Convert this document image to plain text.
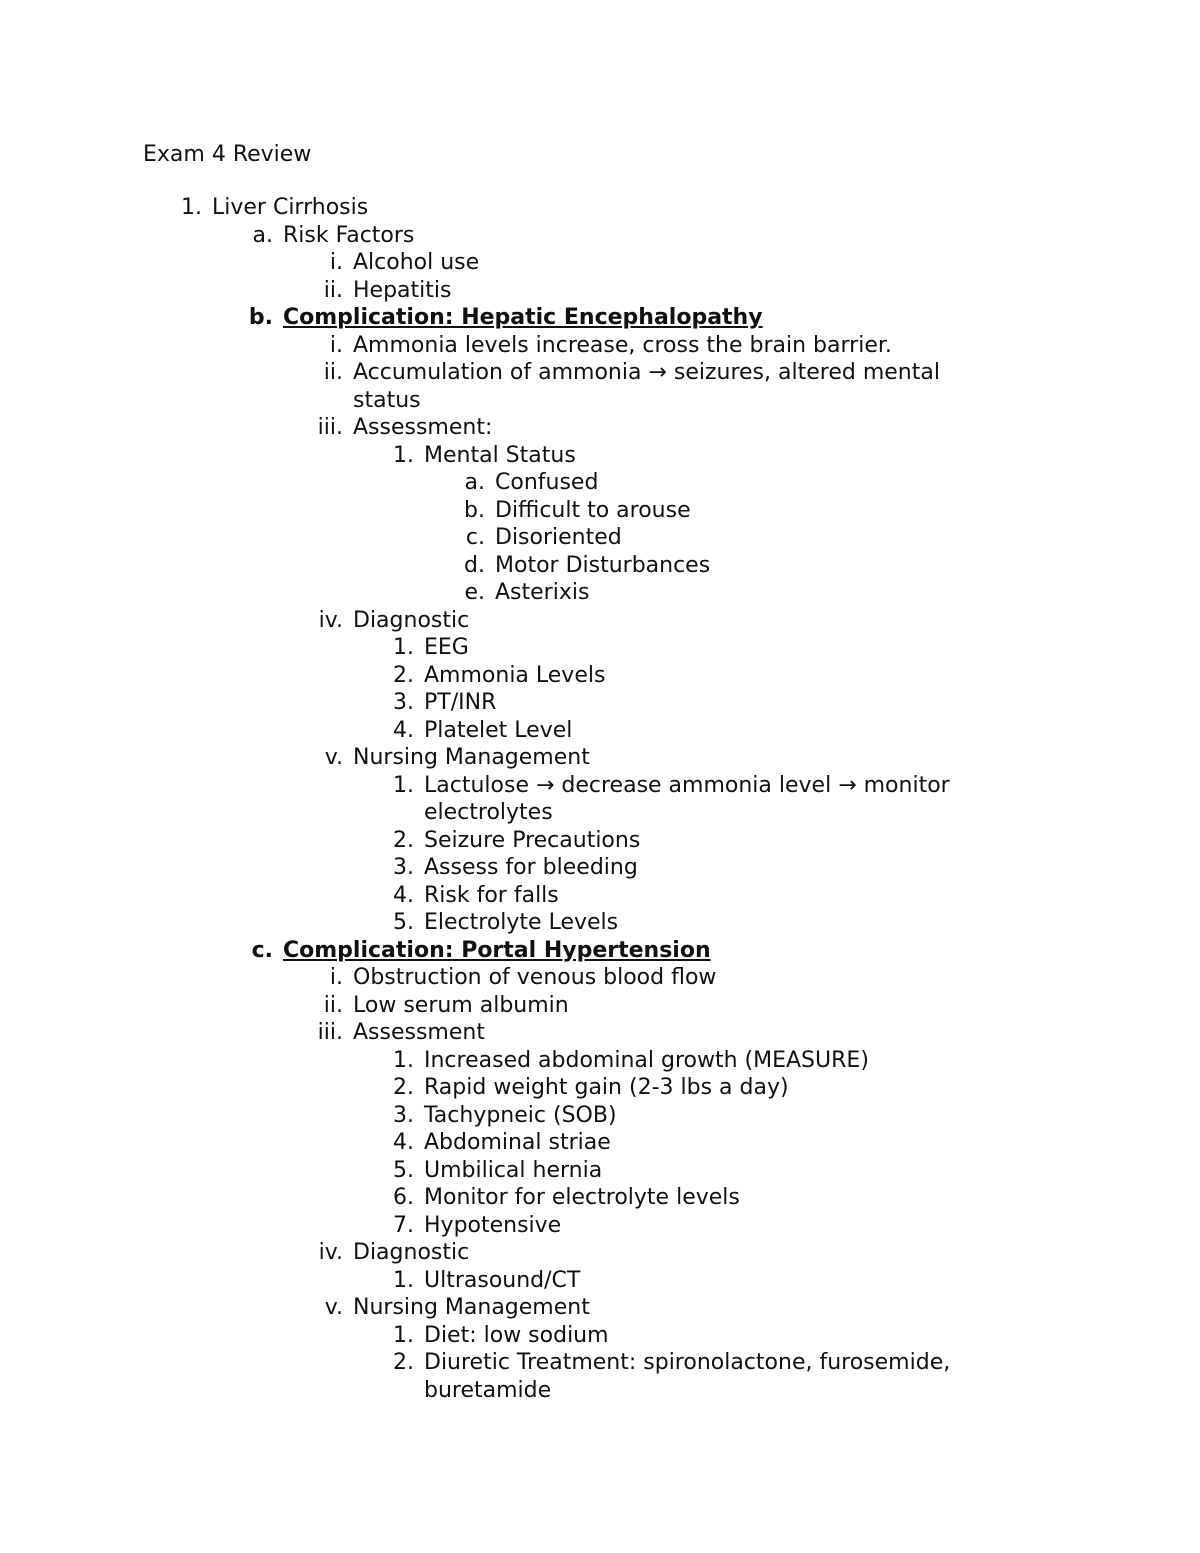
Exam 4 Review
1. Liver Cirrhosis
a. Risk Factors
i. Alcohol use
ii. Hepatitis
b. Complication: Hepatic Encephalopathy
i. Ammonia levels increase, cross the brain barrier.
ii. Accumulation of ammonia → seizures, altered mental status
iii. Assessment:
1. Mental Status
a. Confused
b. Difficult to arouse
c. Disoriented
d. Motor Disturbances
e. Asterixis
iv. Diagnostic
1. EEG
2. Ammonia Levels
3. PT/INR
4. Platelet Level
v. Nursing Management
1. Lactulose → decrease ammonia level → monitor electrolytes
2. Seizure Precautions
3. Assess for bleeding
4. Risk for falls
5. Electrolyte Levels
c. Complication: Portal Hypertension
i. Obstruction of venous blood flow
ii. Low serum albumin
iii. Assessment
1. Increased abdominal growth (MEASURE)
2. Rapid weight gain (2-3 lbs a day)
3. Tachypneic (SOB)
4. Abdominal striae
5. Umbilical hernia
6. Monitor for electrolyte levels
7. Hypotensive
iv. Diagnostic
1. Ultrasound/CT
v. Nursing Management
1. Diet: low sodium
2. Diuretic Treatment: spironolactone, furosemide, buretamide
